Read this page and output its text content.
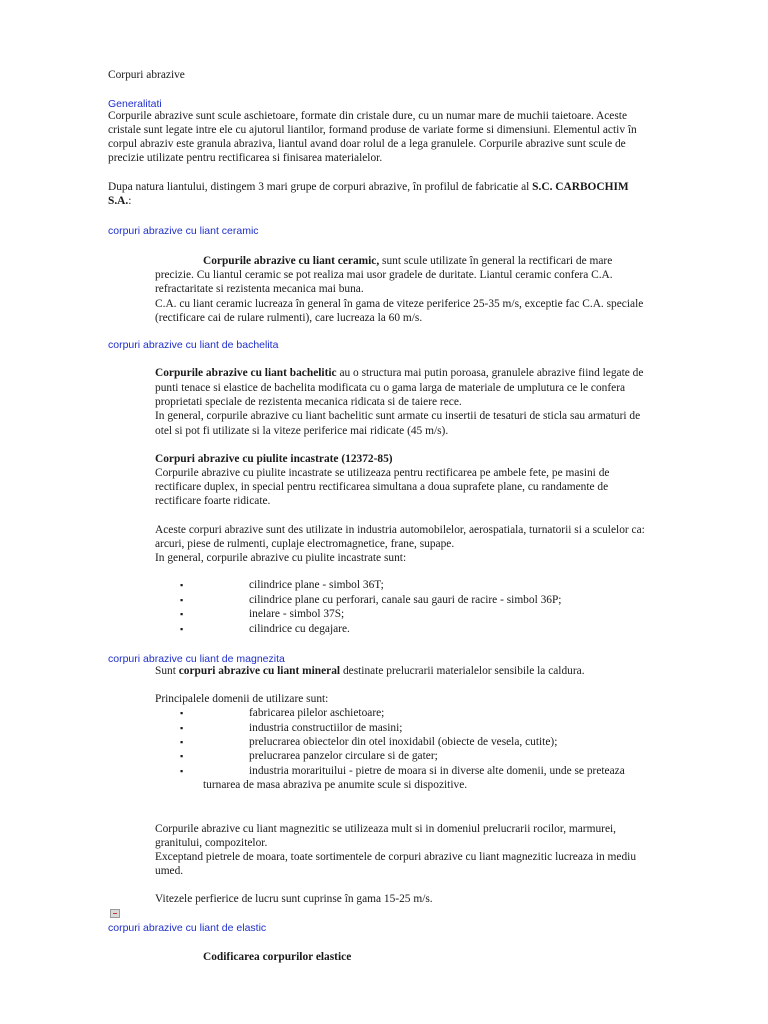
Corpuri abrazive

Generalitati

Corpurile abrazive sunt scule aschietoare, formate din cristale dure, cu un numar mare de muchii taietoare. Aceste

cristale sunt legate intre ele cu ajutorul liantilor, formand produse de variate forme si dimensiuni. Elementul activ în

corpul abraziv este granula abraziva, liantul avand doar rolul de a lega granulele. Corpurile abrazive sunt scule de

precizie utilizate pentru rectificarea si finisarea materialelor.

Dupa natura liantului, distingem 3 mari grupe de corpuri abrazive, în profilul de fabricatie al S.C. CARBOCHIM

S.A.:

corpuri abrazive cu liant ceramic

Corpurile abrazive cu liant ceramic, sunt scule utilizate în general la rectificari de mare

precizie. Cu liantul ceramic se pot realiza mai usor gradele de duritate. Liantul ceramic confera C.A.

refractaritate si rezistenta mecanica mai buna.

C.A. cu liant ceramic lucreaza în general în gama de viteze periferice 25-35 m/s, exceptie fac C.A. speciale

(rectificare cai de rulare rulmenti), care lucreaza la 60 m/s.

corpuri abrazive cu liant de bachelita

Corpurile abrazive cu liant bachelitic au o structura mai putin poroasa, granulele abrazive fiind legate de

punti tenace si elastice de bachelita modificata cu o gama larga de materiale de umplutura ce le confera

proprietati speciale de rezistenta mecanica ridicata si de taiere rece.

In general, corpurile abrazive cu liant bachelitic sunt armate cu insertii de tesaturi de sticla sau armaturi de

otel si pot fi utilizate si la viteze periferice mai ridicate (45 m/s).

Corpuri abrazive cu piulite incastrate (12372-85)

Corpurile abrazive cu piulite incastrate se utilizeaza pentru rectificarea pe ambele fete, pe masini de

rectificare duplex, in special pentru rectificarea simultana a doua suprafete plane, cu randamente de

rectificare foarte ridicate.

Aceste corpuri abrazive sunt des utilizate in industria automobilelor, aerospatiala, turnatorii si a sculelor ca:

arcuri, piese de rulmenti, cuplaje electromagnetice, frane, supape.

In general, corpurile abrazive cu piulite incastrate sunt:

▪	cilindrice plane - simbol 36T;

▪	cilindrice plane cu perforari, canale sau gauri de racire - simbol 36P;

▪	inelare - simbol 37S;

▪	cilindrice cu degajare.

corpuri abrazive cu liant de magnezita

Sunt corpuri abrazive cu liant mineral destinate prelucrarii materialelor sensibile la caldura.

Principalele domenii de utilizare sunt:

▪	fabricarea pilelor aschietoare;

▪	industria constructiilor de masini;

▪	prelucrarea obiectelor din otel inoxidabil (obiecte de vesela, cutite);

▪	prelucrarea panzelor circulare si de gater;

▪	industria morarituilui - pietre de moara si in diverse alte domenii, unde se preteaza

turnarea de masa abraziva pe anumite scule si dispozitive.

Corpurile abrazive cu liant magnezitic se utilizeaza mult si in domeniul prelucrarii rocilor, marmurei,

granitului, compozitelor.

Exceptand pietrele de moara, toate sortimentele de corpuri abrazive cu liant magnezitic lucreaza in mediu

umed.

Vitezele perfierice de lucru sunt cuprinse în gama 15-25 m/s.

corpuri abrazive cu liant de elastic

Codificarea corpurilor elastice
